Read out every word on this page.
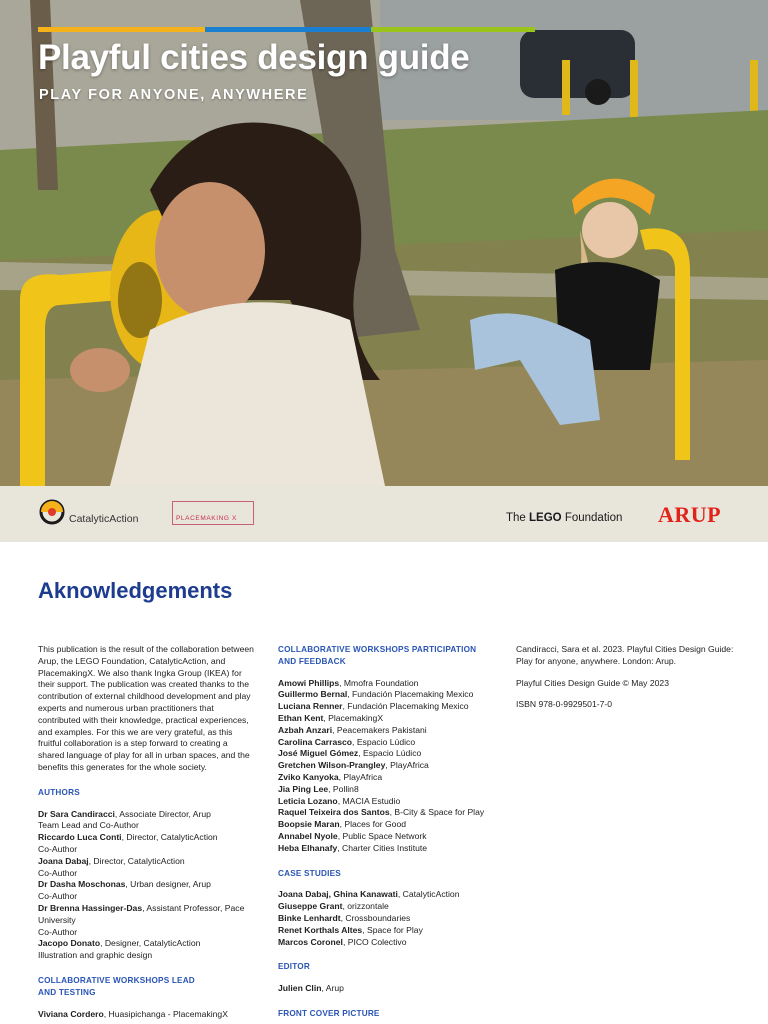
Playful cities design guide

PLAY FOR ANYONE, ANYWHERE

CatalyticAction	PLACEMAKING X	The
LEGO
Foundation ARUP
Aknowledgements

This publication is the result of the collaboration between Arup, the LEGO Foundation, CatalyticAction, and PlacemakingX. We also thank Ingka Group (IKEA) for their support. The publication was created thanks to the contribution of external childhood development and play experts and numerous urban practitioners that contributed with their knowledge, practical experiences, and examples. For this we are very grateful, as this fruitful collaboration is a step forward to creating a shared language of play for all in urban spaces, and the benefits this generates for the whole society.

AUTHORS

Dr Sara Candiracci, Associate Director, Arup

Team Lead and Co-Author

Riccardo Luca Conti, Director, CatalyticAction

Co-Author

Joana Dabaj, Director, CatalyticAction

Co-Author

Dr Dasha Moschonas, Urban designer, Arup

Co-Author

Dr Brenna Hassinger-Das, Assistant Professor, Pace University

Co-Author

Jacopo Donato, Designer, CatalyticAction

Illustration and graphic design

COLLABORATIVE WORKSHOPS LEAD

AND TESTING

Viviana Cordero, Huasipichanga - PlacemakingX

COLLABORATIVE WORKSHOPS PARTICIPATION

AND FEEDBACK

Amowi Phillips, Mmofra Foundation

Guillermo Bernal, Fundación Placemaking Mexico

Luciana Renner, Fundación Placemaking Mexico

Ethan Kent, PlacemakingX

Azbah Anzari, Peacemakers Pakistani

Carolina Carrasco, Espacio Lúdico

José Miguel Gómez, Espacio Lúdico

Gretchen Wilson-Prangley, PlayAfrica

Zviko Kanyoka, PlayAfrica

Jia Ping Lee, Pollin8

Leticia Lozano, MACIA Estudio

Raquel Teixeira dos Santos, B-City & Space for Play

Boopsie Maran, Places for Good

Annabel Nyole, Public Space Network

Heba Elhanafy, Charter Cities Institute

CASE STUDIES

Joana Dabaj, Ghina Kanawati, CatalyticAction

Giuseppe Grant, orizzontale

Binke Lenhardt, Crossboundaries

Renet Korthals Altes, Space for Play

Marcos Coronel, PICO Colectivo

EDITOR

Julien Clin, Arup

FRONT COVER PICTURE

Candiracci, Sara et al. 2023. Playful Cities Design Guide: Play for anyone, anywhere. London: Arup.

Playful Cities Design Guide © May 2023

ISBN 978-0-9929501-7-0
